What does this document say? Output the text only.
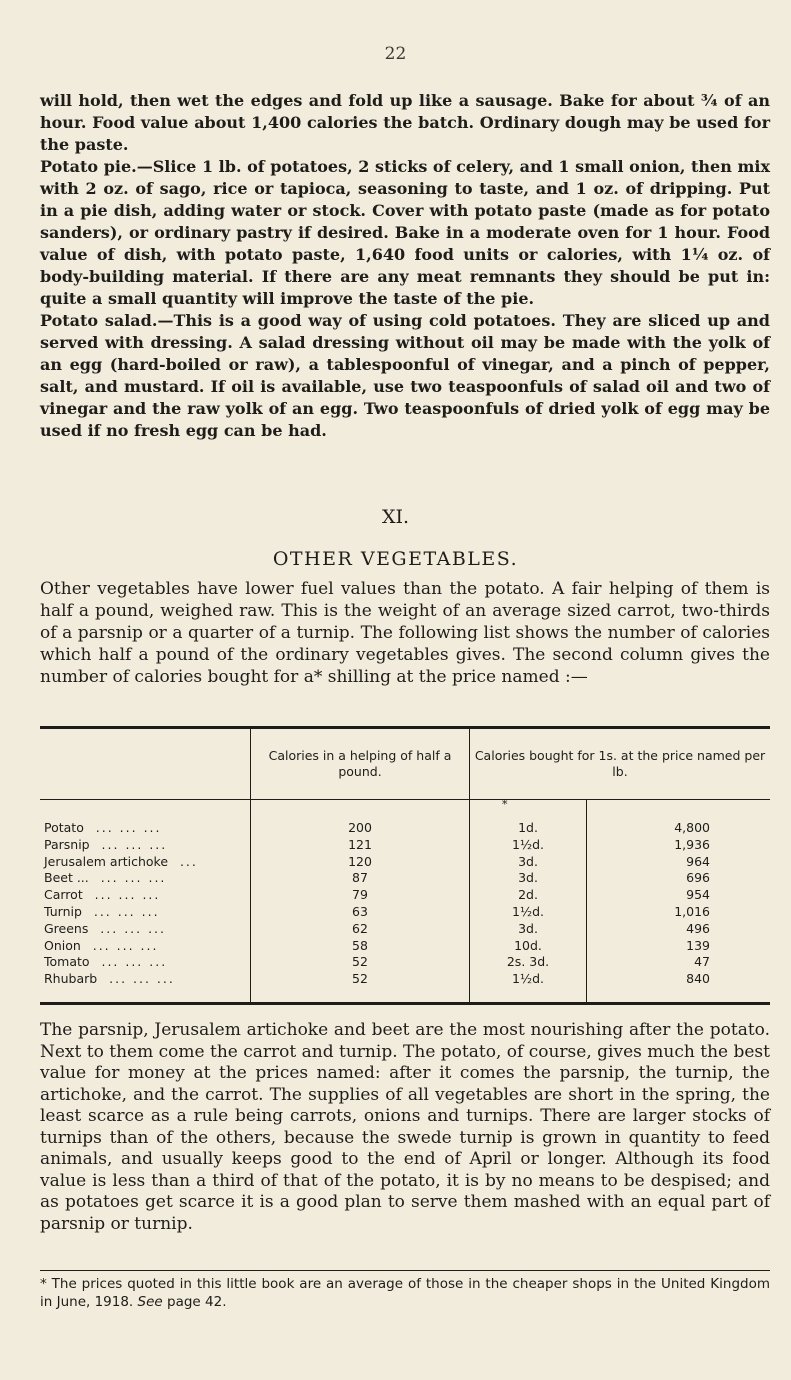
22

will hold, then wet the edges and fold up like a sausage. Bake for about ¾ of an hour. Food value about 1,400 calories the batch. Ordinary dough may be used for the paste.

Potato pie.—Slice 1 lb. of potatoes, 2 sticks of celery, and 1 small onion, then mix with 2 oz. of sago, rice or tapioca, seasoning to taste, and 1 oz. of dripping. Put in a pie dish, adding water or stock. Cover with potato paste (made as for potato sanders), or ordinary pastry if desired. Bake in a moderate oven for 1 hour. Food value of dish, with potato paste, 1,640 food units or calories, with 1¼ oz. of body-building material. If there are any meat remnants they should be put in: quite a small quantity will improve the taste of the pie.

Potato salad.—This is a good way of using cold potatoes. They are sliced up and served with dressing. A salad dressing without oil may be made with the yolk of an egg (hard-boiled or raw), a tablespoonful of vinegar, and a pinch of pepper, salt, and mustard. If oil is available, use two teaspoonfuls of salad oil and two of vinegar and the raw yolk of an egg. Two teaspoonfuls of dried yolk of egg may be used if no fresh egg can be had.

XI.
OTHER VEGETABLES.
Other vegetables have lower fuel values than the potato. A fair helping of them is half a pound, weighed raw. This is the weight of an average sized carrot, two-thirds of a parsnip or a quarter of a turnip. The following list shows the number of calories which half a pound of the ordinary vegetables gives. The second column gives the number of calories bought for a* shilling at the price named :—
	Calories in a helping of half a pound.	Calories bought for 1s. at the price named per lb.	
Potato ... ... ...	200	1d.	4,800
Parsnip ... ... ...	121	1½d.	1,936
Jerusalem artichoke ...	120	3d.	964
Beet ... ... ... ...	87	3d.	696
Carrot ... ... ...	79	2d.	954
Turnip ... ... ...	63	1½d.	1,016
Greens ... ... ...	62	3d.	496
Onion ... ... ...	58	10d.	139
Tomato ... ... ...	52	2s. 3d.	47
Rhubarb ... ... ...	52	1½d.	840
*
The parsnip, Jerusalem artichoke and beet are the most nourishing after the potato. Next to them come the carrot and turnip. The potato, of course, gives much the best value for money at the prices named: after it comes the parsnip, the turnip, the artichoke, and the carrot. The supplies of all vegetables are short in the spring, the least scarce as a rule being carrots, onions and turnips. There are larger stocks of turnips than of the others, because the swede turnip is grown in quantity to feed animals, and usually keeps good to the end of April or longer. Although its food value is less than a third of that of the potato, it is by no means to be despised; and as potatoes get scarce it is a good plan to serve them mashed with an equal part of parsnip or turnip.
* The prices quoted in this little book are an average of those in the cheaper shops in the United Kingdom in June, 1918. See page 42.
